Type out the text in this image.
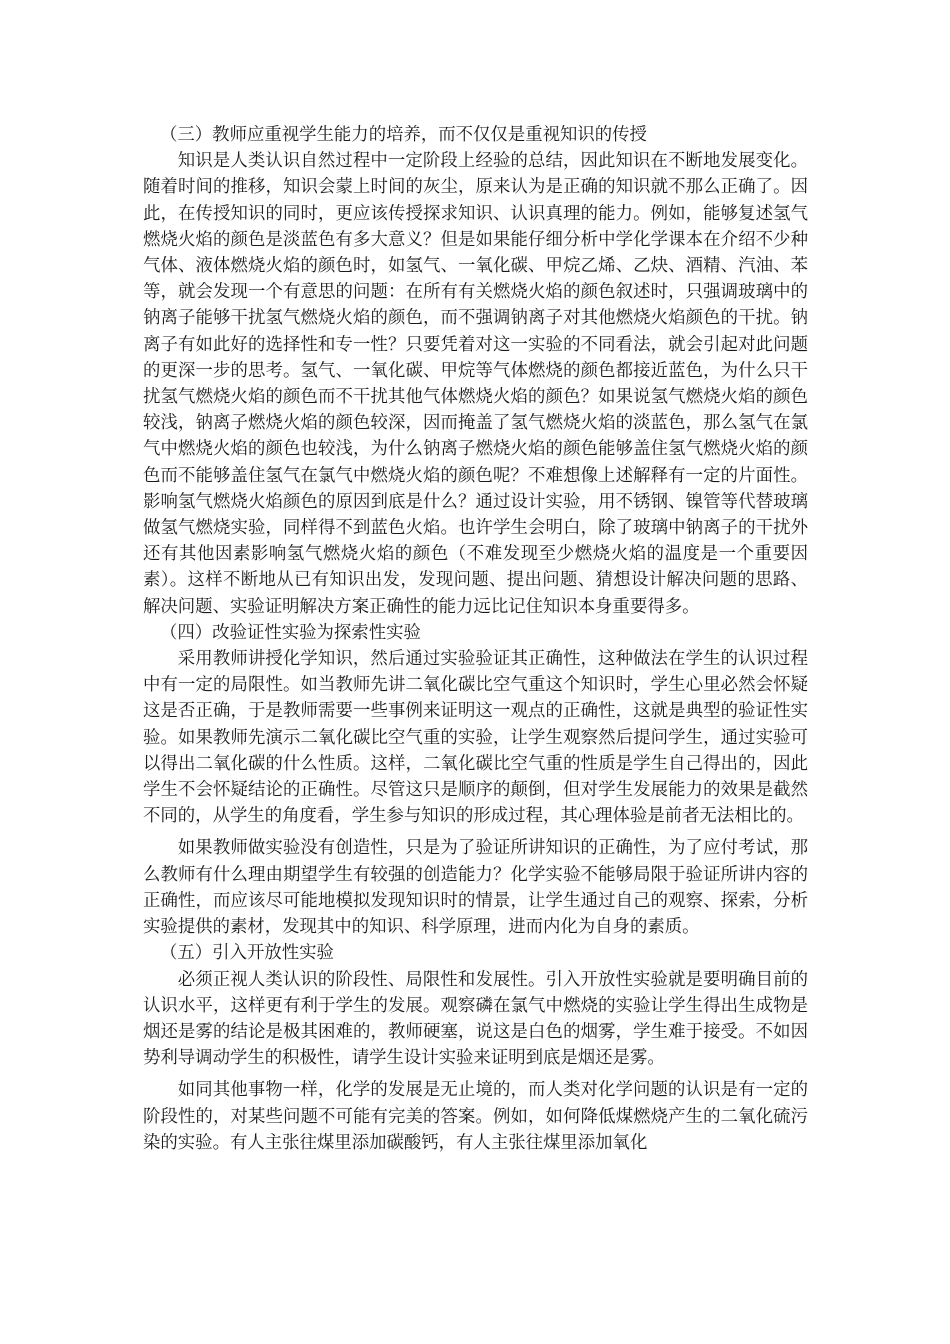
（三）教师应重视学生能力的培养，而不仅仅是重视知识的传授

知识是人类认识自然过程中一定阶段上经验的总结，因此知识在不断地发展变化。随着时间的推移，知识会蒙上时间的灰尘，原来认为是正确的知识就不那么正确了。因此，在传授知识的同时，更应该传授探求知识、认识真理的能力。例如，能够复述氢气燃烧火焰的颜色是淡蓝色有多大意义？但是如果能仔细分析中学化学课本在介绍不少种气体、液体燃烧火焰的颜色时，如氢气、一氧化碳、甲烷乙烯、乙炔、酒精、汽油、苯等，就会发现一个有意思的问题：在所有有关燃烧火焰的颜色叙述时，只强调玻璃中的钠离子能够干扰氢气燃烧火焰的颜色，而不强调钠离子对其他燃烧火焰颜色的干扰。钠离子有如此好的选择性和专一性？只要凭着对这一实验的不同看法，就会引起对此问题的更深一步的思考。氢气、一氧化碳、甲烷等气体燃烧的颜色都接近蓝色，为什么只干扰氢气燃烧火焰的颜色而不干扰其他气体燃烧火焰的颜色？如果说氢气燃烧火焰的颜色较浅，钠离子燃烧火焰的颜色较深，因而掩盖了氢气燃烧火焰的淡蓝色，那么氢气在氯气中燃烧火焰的颜色也较浅，为什么钠离子燃烧火焰的颜色能够盖住氢气燃烧火焰的颜色而不能够盖住氢气在氯气中燃烧火焰的颜色呢？不难想像上述解释有一定的片面性。影响氢气燃烧火焰颜色的原因到底是什么？通过设计实验，用不锈钢、镍管等代替玻璃做氢气燃烧实验，同样得不到蓝色火焰。也许学生会明白，除了玻璃中钠离子的干扰外还有其他因素影响氢气燃烧火焰的颜色（不难发现至少燃烧火焰的温度是一个重要因素）。这样不断地从已有知识出发，发现问题、提出问题、猜想设计解决问题的思路、解决问题、实验证明解决方案正确性的能力远比记住知识本身重要得多。

（四）改验证性实验为探索性实验

采用教师讲授化学知识，然后通过实验验证其正确性，这种做法在学生的认识过程中有一定的局限性。如当教师先讲二氧化碳比空气重这个知识时，学生心里必然会怀疑这是否正确，于是教师需要一些事例来证明这一观点的正确性，这就是典型的验证性实验。如果教师先演示二氧化碳比空气重的实验，让学生观察然后提问学生，通过实验可以得出二氧化碳的什么性质。这样，二氧化碳比空气重的性质是学生自己得出的，因此学生不会怀疑结论的正确性。尽管这只是顺序的颠倒，但对学生发展能力的效果是截然不同的，从学生的角度看，学生参与知识的形成过程，其心理体验是前者无法相比的。

如果教师做实验没有创造性，只是为了验证所讲知识的正确性，为了应付考试，那么教师有什么理由期望学生有较强的创造能力？化学实验不能够局限于验证所讲内容的正确性，而应该尽可能地模拟发现知识时的情景，让学生通过自己的观察、探索，分析实验提供的素材，发现其中的知识、科学原理，进而内化为自身的素质。

（五）引入开放性实验

必须正视人类认识的阶段性、局限性和发展性。引入开放性实验就是要明确目前的认识水平，这样更有利于学生的发展。观察磷在氯气中燃烧的实验让学生得出生成物是烟还是雾的结论是极其困难的，教师硬塞，说这是白色的烟雾，学生难于接受。不如因势利导调动学生的积极性，请学生设计实验来证明到底是烟还是雾。

如同其他事物一样，化学的发展是无止境的，而人类对化学问题的认识是有一定的阶段性的，对某些问题不可能有完美的答案。例如，如何降低煤燃烧产生的二氧化硫污染的实验。有人主张往煤里添加碳酸钙，有人主张往煤里添加氧化
